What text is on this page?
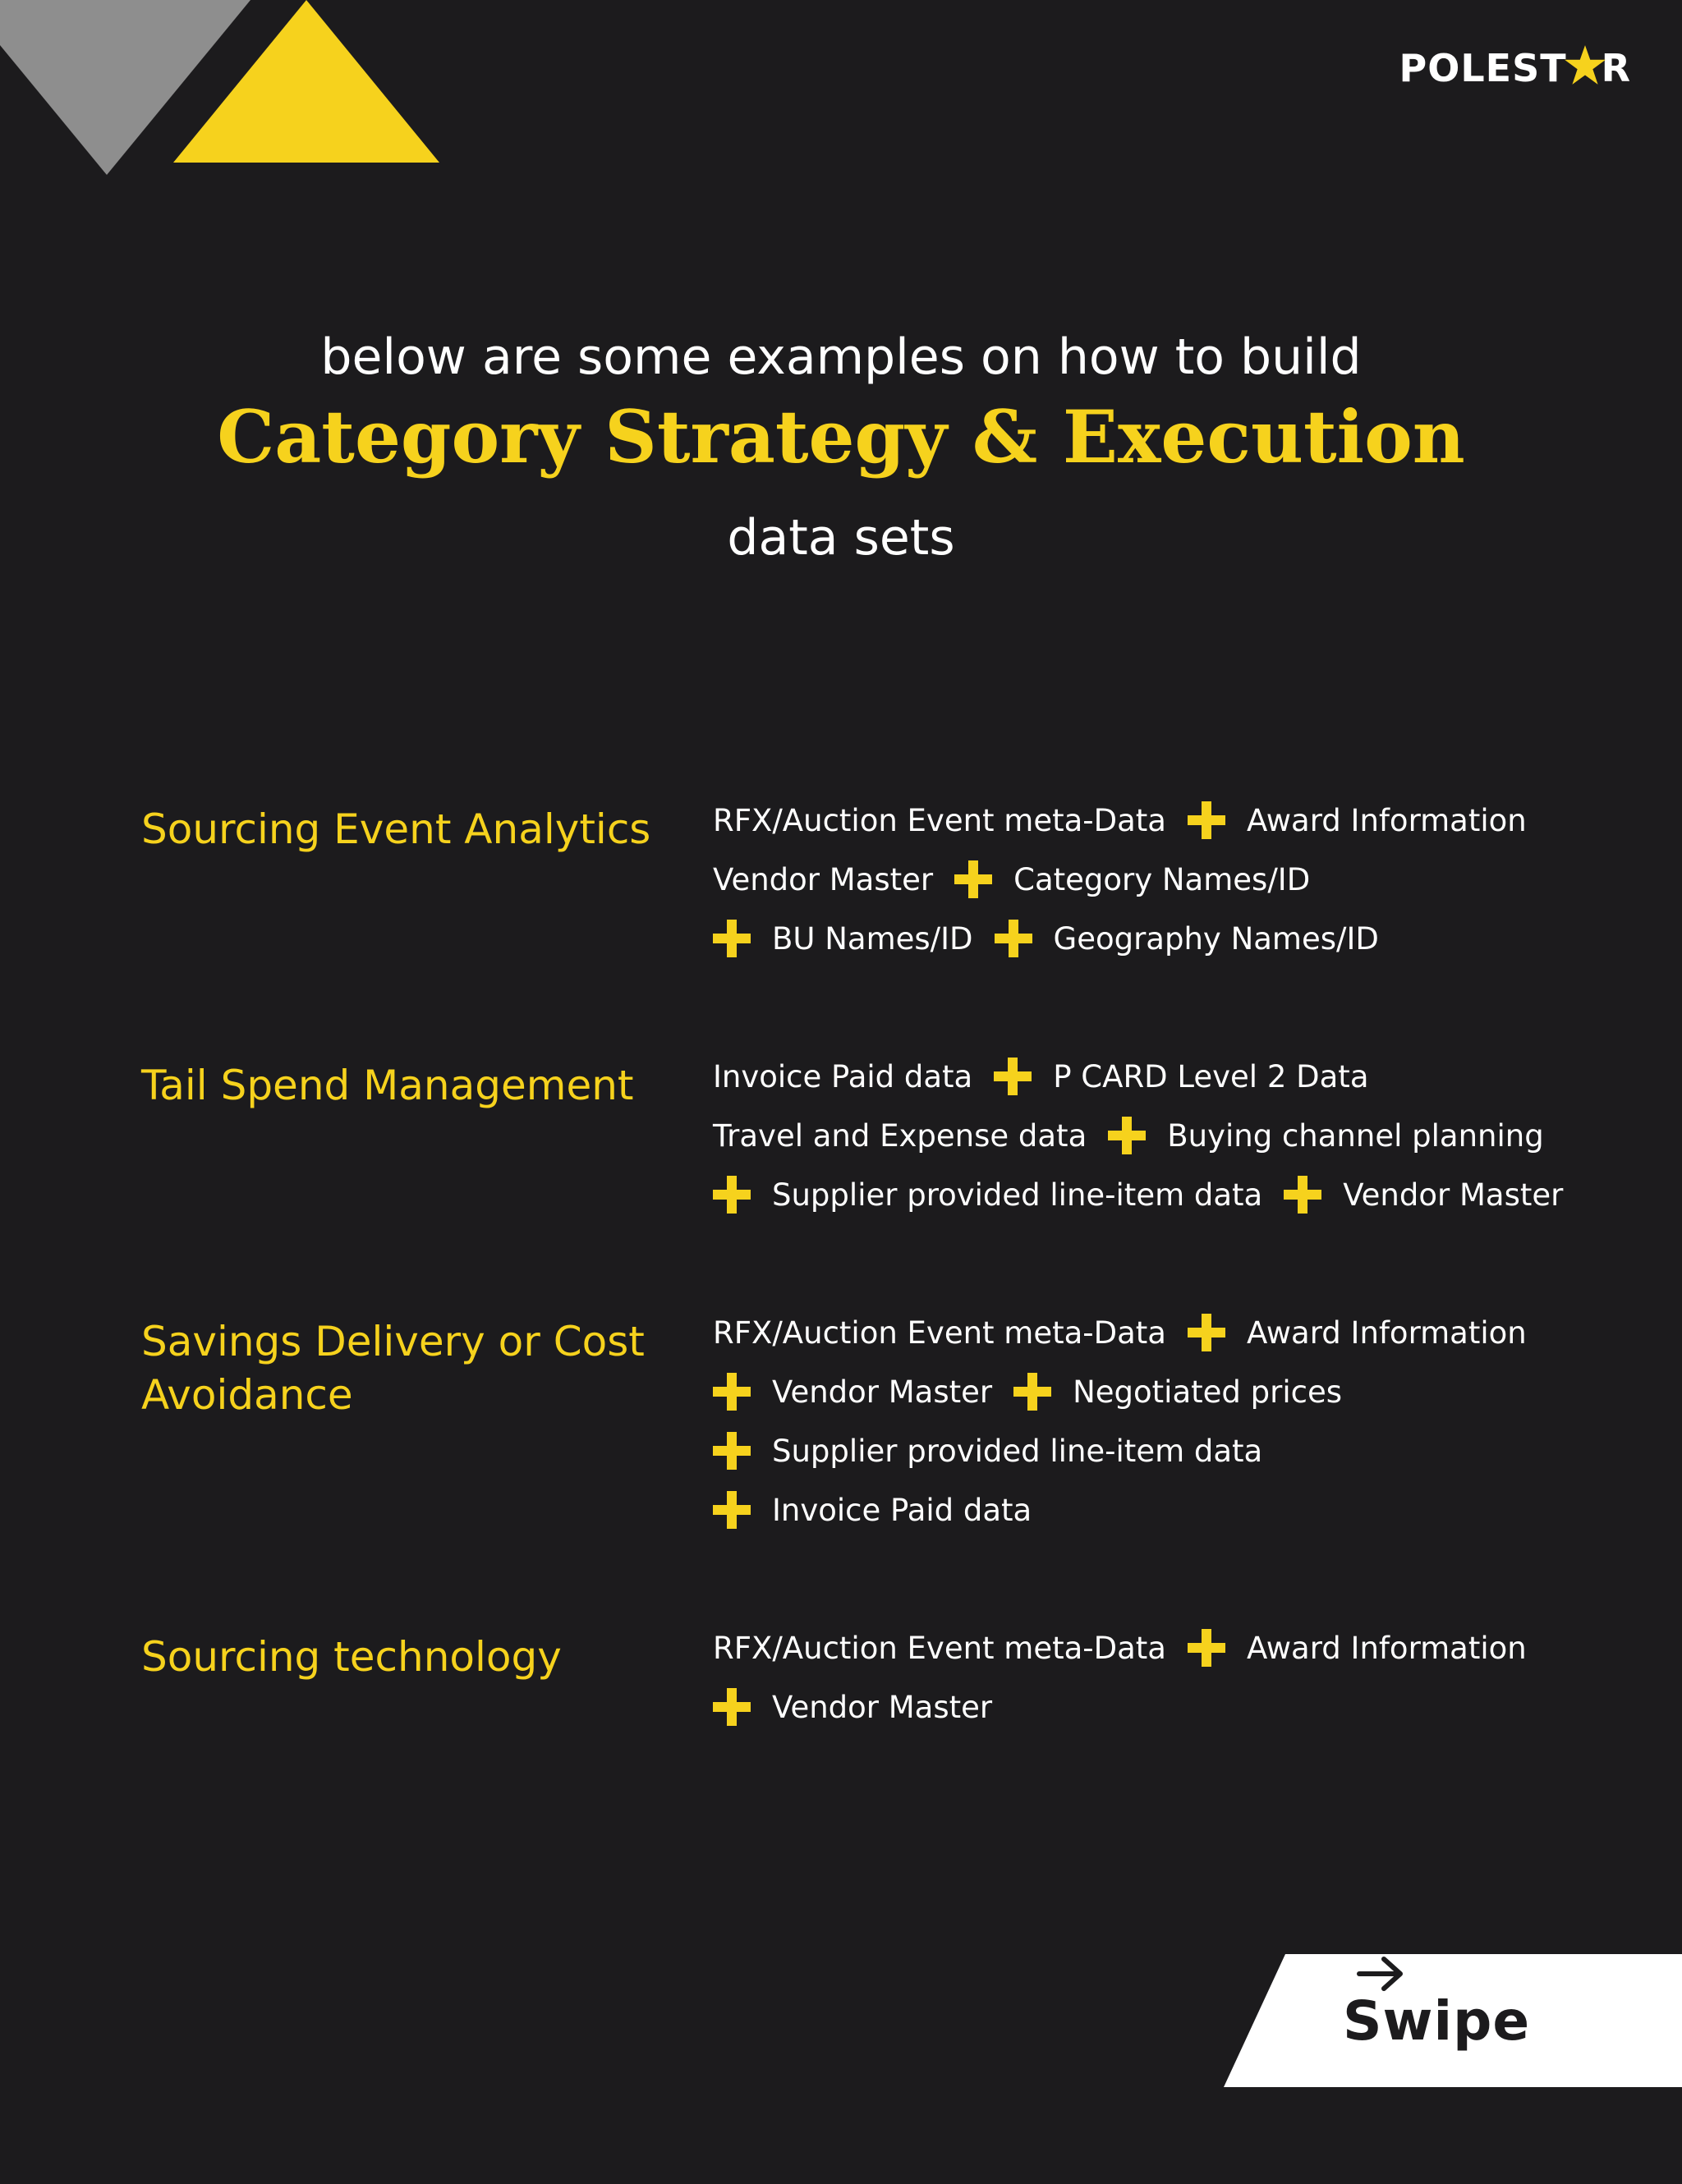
POLEST R
below are some examples on how to build
Category Strategy & Execution
data sets
Sourcing Event Analytics	RFX/Auction Event meta-Data	Award Information
Vendor Master	Category Names/ID
BU Names/ID	Geography Names/ID
Tail Spend Management	Invoice Paid data	P CARD Level 2 Data
Travel and Expense data	Buying channel planning
Supplier provided line-item data	Vendor Master
Savings Delivery or Cost Avoidance
RFX/Auction Event meta-Data	Award Information
Vendor Master	Negotiated prices
Supplier provided line-item data
Invoice Paid data
Sourcing technology	RFX/Auction Event meta-Data	Award Information
Vendor Master
Swipe
